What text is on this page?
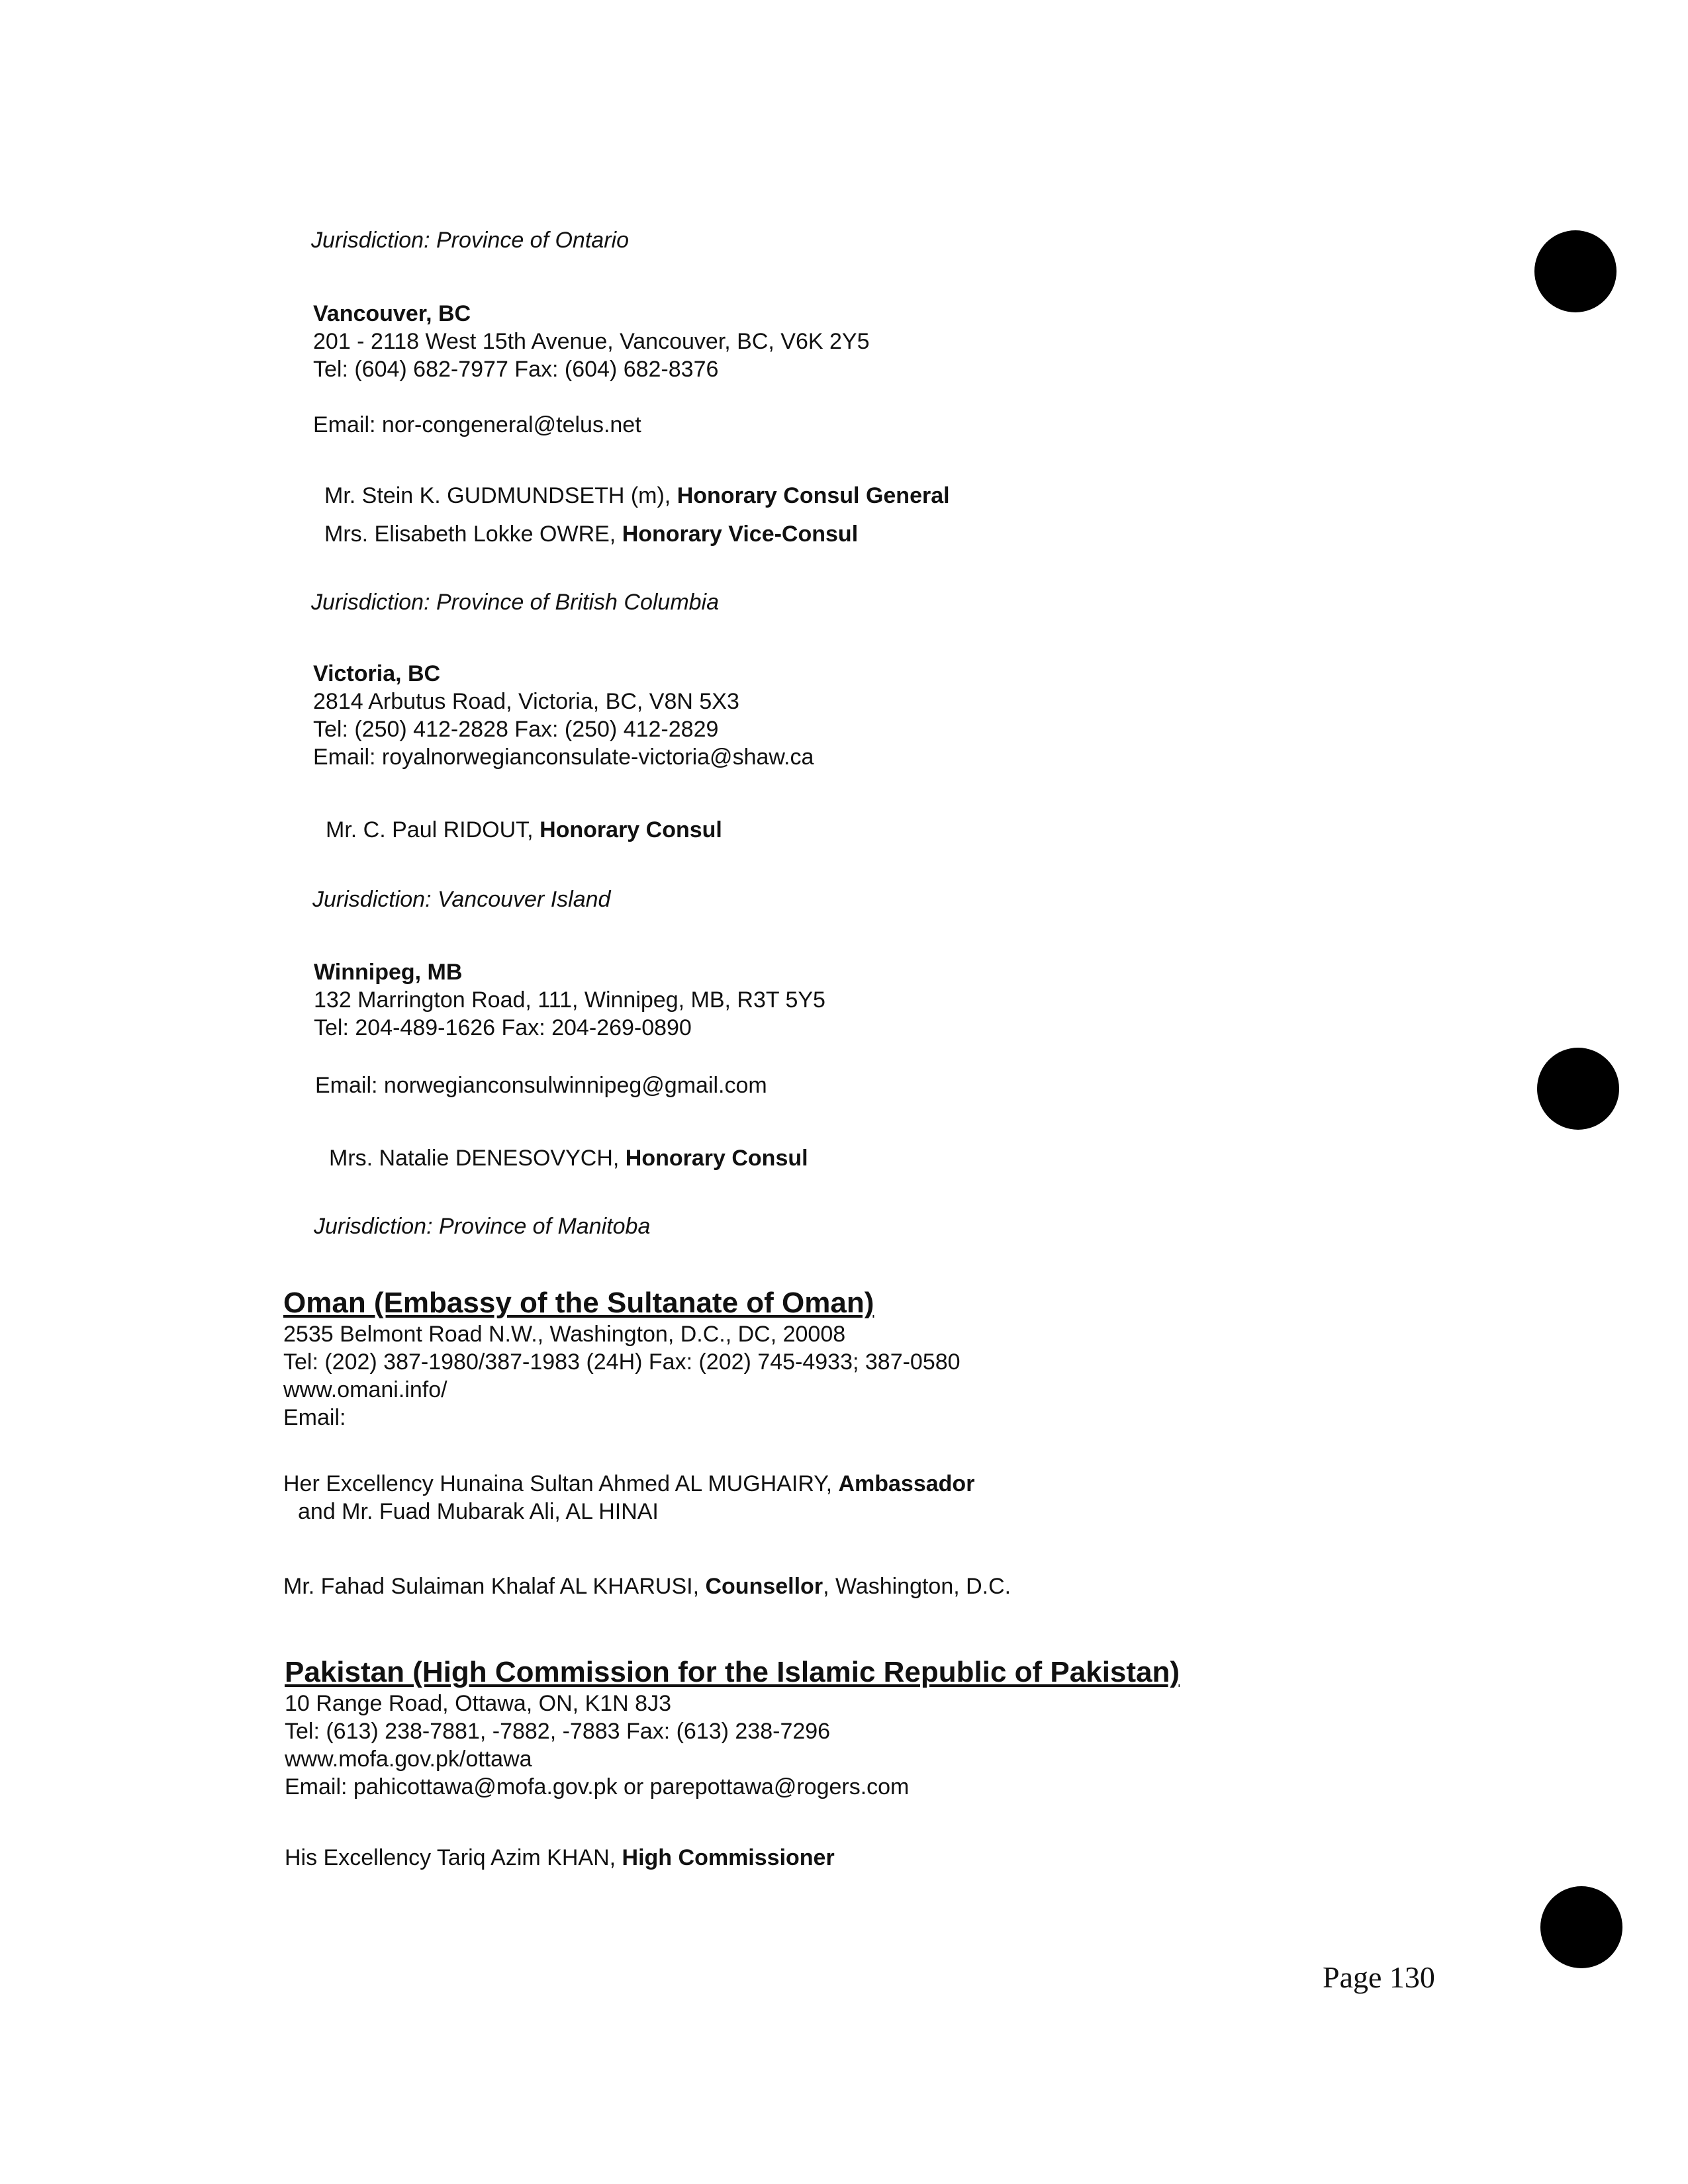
Jurisdiction: Province of Ontario
Vancouver, BC
201 - 2118 West 15th Avenue, Vancouver, BC, V6K 2Y5
Tel: (604) 682-7977 Fax: (604) 682-8376
Email: nor-congeneral@telus.net
Mr. Stein K. GUDMUNDSETH (m), Honorary Consul General
Mrs. Elisabeth Lokke OWRE, Honorary Vice-Consul
Jurisdiction: Province of British Columbia
Victoria, BC
2814 Arbutus Road, Victoria, BC, V8N 5X3
Tel: (250) 412-2828 Fax: (250) 412-2829
Email: royalnorwegianconsulate-victoria@shaw.ca
Mr. C. Paul RIDOUT, Honorary Consul
Jurisdiction: Vancouver Island
Winnipeg, MB
132 Marrington Road, 111, Winnipeg, MB, R3T 5Y5
Tel: 204-489-1626 Fax: 204-269-0890
Email: norwegianconsulwinnipeg@gmail.com
Mrs. Natalie DENESOVYCH, Honorary Consul
Jurisdiction: Province of Manitoba
Oman (Embassy of the Sultanate of Oman)
2535 Belmont Road N.W., Washington, D.C., DC, 20008
Tel: (202) 387-1980/387-1983 (24H) Fax: (202) 745-4933; 387-0580
www.omani.info/
Email:
Her Excellency Hunaina Sultan Ahmed AL MUGHAIRY, Ambassador
and Mr. Fuad Mubarak Ali, AL HINAI
Mr. Fahad Sulaiman Khalaf AL KHARUSI, Counsellor, Washington, D.C.
Pakistan (High Commission for the Islamic Republic of Pakistan)
10 Range Road, Ottawa, ON, K1N 8J3
Tel: (613) 238-7881, -7882, -7883 Fax: (613) 238-7296
www.mofa.gov.pk/ottawa
Email: pahicottawa@mofa.gov.pk or parepottawa@rogers.com
His Excellency Tariq Azim KHAN, High Commissioner
Page 130
